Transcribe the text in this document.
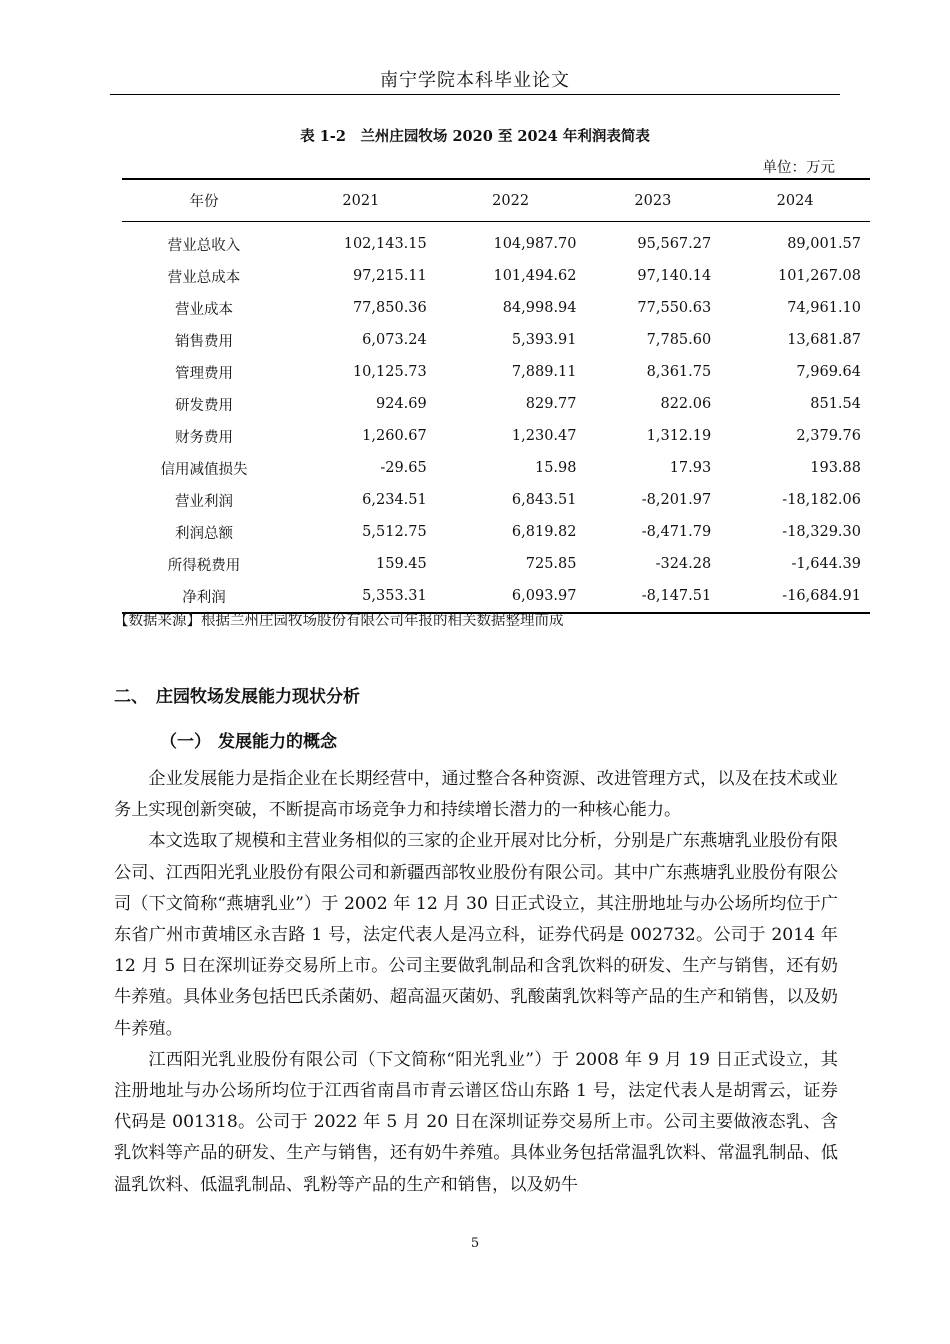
南宁学院本科毕业论文
表 1-2　兰州庄园牧场 2020 至 2024 年利润表简表
单位：万元
年份	2021	2022	2023	2024
营业总收入	102,143.15	104,987.70	95,567.27	89,001.57
营业总成本	97,215.11	101,494.62	97,140.14	101,267.08
营业成本	77,850.36	84,998.94	77,550.63	74,961.10
销售费用	6,073.24	5,393.91	7,785.60	13,681.87
管理费用	10,125.73	7,889.11	8,361.75	7,969.64
研发费用	924.69	829.77	822.06	851.54
财务费用	1,260.67	1,230.47	1,312.19	2,379.76
信用减值损失	-29.65	15.98	17.93	193.88
营业利润	6,234.51	6,843.51	-8,201.97	-18,182.06
利润总额	5,512.75	6,819.82	-8,471.79	-18,329.30
所得税费用	159.45	725.85	-324.28	-1,644.39
净利润	5,353.31	6,093.97	-8,147.51	-16,684.91
【数据来源】根据兰州庄园牧场股份有限公司年报的相关数据整理而成
二、 庄园牧场发展能力现状分析
（一） 发展能力的概念

企业发展能力是指企业在长期经营中，通过整合各种资源、改进管理方式，以及在技术或业务上实现创新突破，不断提高市场竞争力和持续增长潜力的一种核心能力。

本文选取了规模和主营业务相似的三家的企业开展对比分析，分别是广东燕塘乳业股份有限公司、江西阳光乳业股份有限公司和新疆西部牧业股份有限公司。其中广东燕塘乳业股份有限公司（下文简称“燕塘乳业”）于 2002 年 12 月 30 日正式设立，其注册地址与办公场所均位于广东省广州市黄埔区永吉路 1 号，法定代表人是冯立科，证券代码是 002732。公司于 2014 年 12 月 5 日在深圳证券交易所上市。公司主要做乳制品和含乳饮料的研发、生产与销售，还有奶牛养殖。具体业务包括巴氏杀菌奶、超高温灭菌奶、乳酸菌乳饮料等产品的生产和销售，以及奶牛养殖。

江西阳光乳业股份有限公司（下文简称“阳光乳业”）于 2008 年 9 月 19 日正式设立，其注册地址与办公场所均位于江西省南昌市青云谱区岱山东路 1 号，法定代表人是胡霄云，证券代码是 001318。公司于 2022 年 5 月 20 日在深圳证券交易所上市。公司主要做液态乳、含乳饮料等产品的研发、生产与销售，还有奶牛养殖。具体业务包括常温乳饮料、常温乳制品、低温乳饮料、低温乳制品、乳粉等产品的生产和销售，以及奶牛

5
